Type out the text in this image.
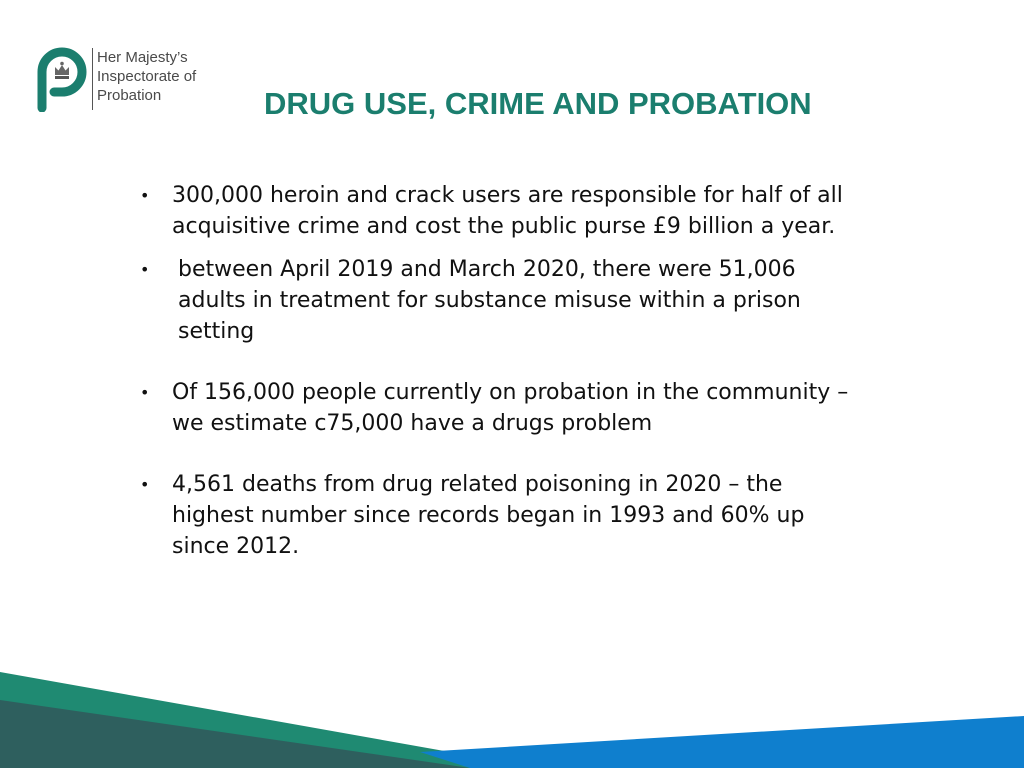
Her Majesty’s
Inspectorate of
Probation	DRUG USE, CRIME AND PROBATION
• 300,000 heroin and crack users are responsible for half of all acquisitive crime and cost the public purse £9 billion a year.
• between April 2019 and March 2020, there were 51,006 adults in treatment for substance misuse within a prison setting
• Of 156,000 people currently on probation in the community – we estimate c75,000 have a drugs problem
• 4,561 deaths from drug related poisoning in 2020 – the highest number since records began in 1993 and 60% up since 2012.
